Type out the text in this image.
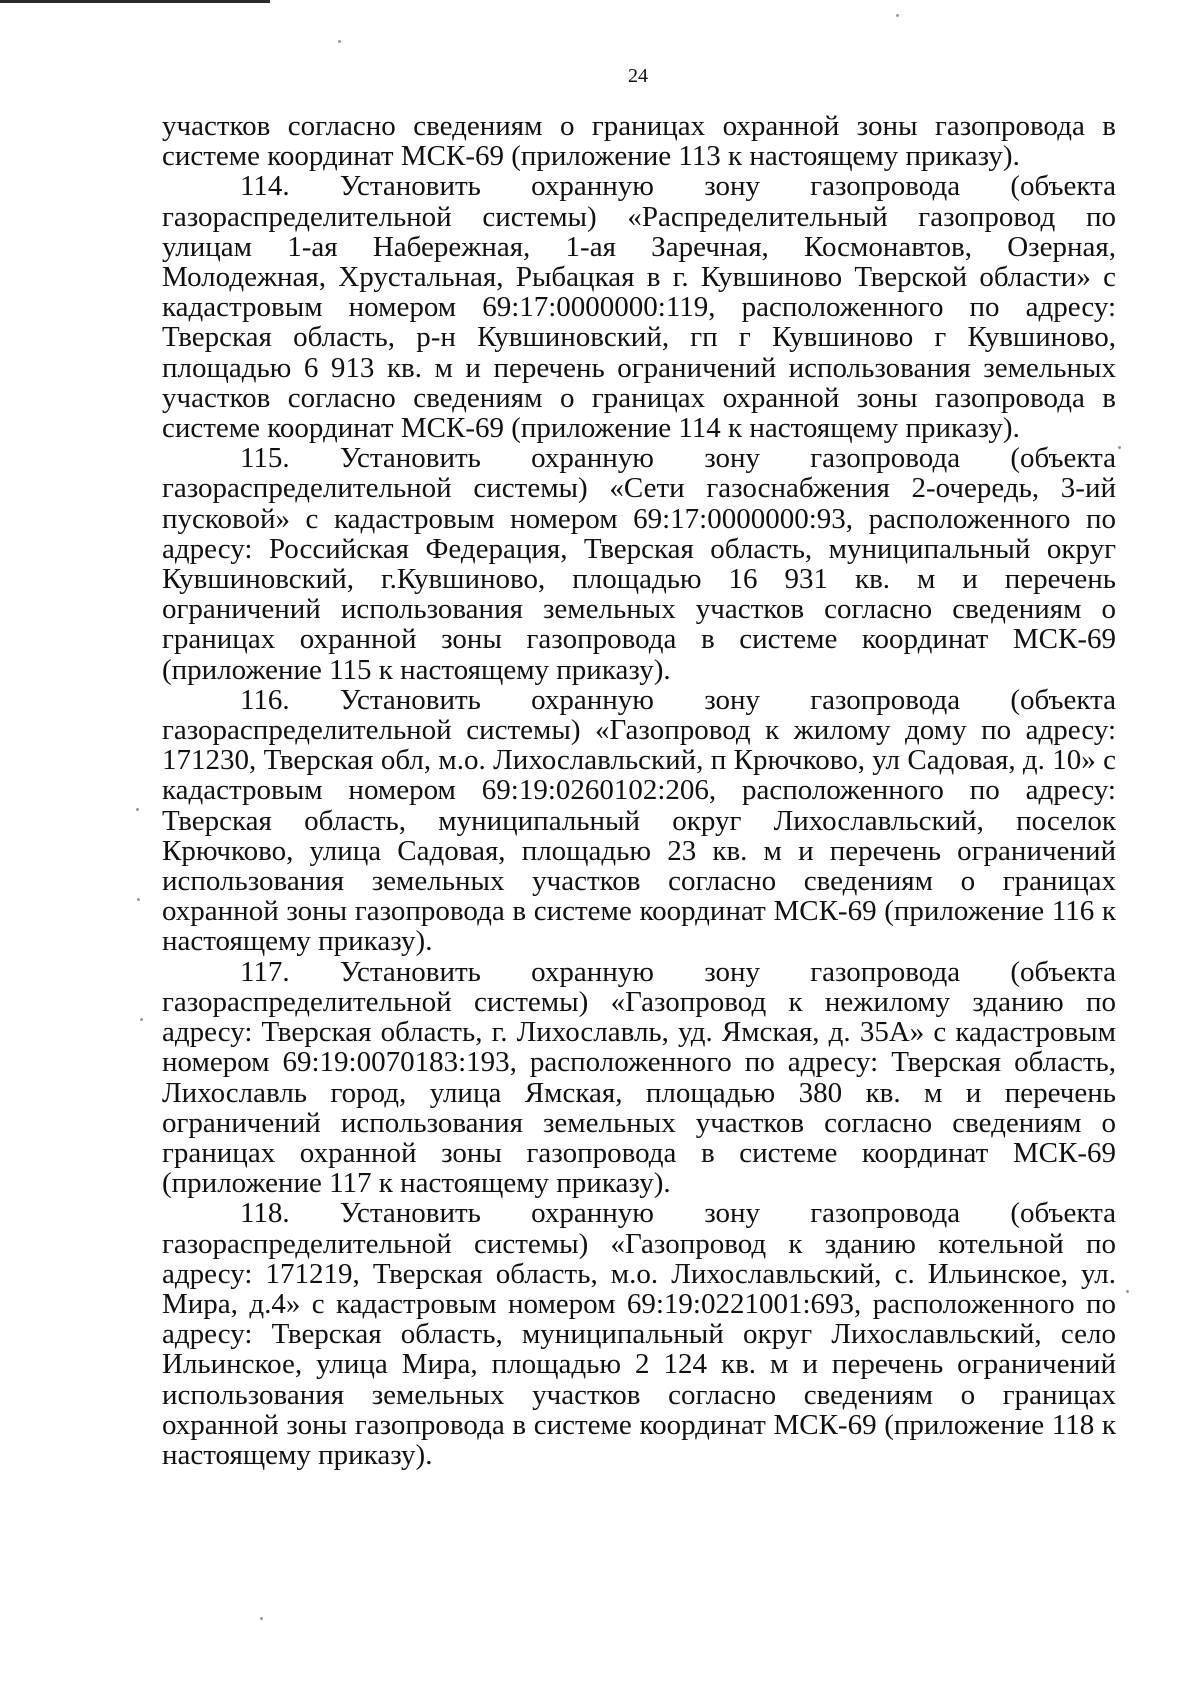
24

участков согласно сведениям о границах охранной зоны газопровода в системе координат МСК-69 (приложение 113 к настоящему приказу).

114. Установить охранную зону газопровода (объекта газораспределительной системы) «Распределительный газопровод по улицам 1-ая Набережная, 1-ая Заречная, Космонавтов, Озерная, Молодежная, Хрустальная, Рыбацкая в г. Кувшиново Тверской области» с кадастровым номером 69:17:0000000:119, расположенного по адресу: Тверская область, р-н Кувшиновский, гп г Кувшиново г Кувшиново, площадью 6 913 кв. м и перечень ограничений использования земельных участков согласно сведениям о границах охранной зоны газопровода в системе координат МСК-69 (приложение 114 к настоящему приказу).

115. Установить охранную зону газопровода (объекта газораспределительной системы) «Сети газоснабжения 2-очередь, 3-ий пусковой» с кадастровым номером 69:17:0000000:93, расположенного по адресу: Российская Федерация, Тверская область, муниципальный округ Кувшиновский, г.Кувшиново, площадью 16 931 кв. м и перечень ограничений использования земельных участков согласно сведениям о границах охранной зоны газопровода в системе координат МСК-69 (приложение 115 к настоящему приказу).

116. Установить охранную зону газопровода (объекта газораспределительной системы) «Газопровод к жилому дому по адресу: 171230, Тверская обл, м.о. Лихославльский, п Крючково, ул Садовая, д. 10» с кадастровым номером 69:19:0260102:206, расположенного по адресу: Тверская область, муниципальный округ Лихославльский, поселок Крючково, улица Садовая, площадью 23 кв. м и перечень ограничений использования земельных участков согласно сведениям о границах охранной зоны газопровода в системе координат МСК-69 (приложение 116 к настоящему приказу).

117. Установить охранную зону газопровода (объекта газораспределительной системы) «Газопровод к нежилому зданию по адресу: Тверская область, г. Лихославль, уд. Ямская, д. 35А» с кадастровым номером 69:19:0070183:193, расположенного по адресу: Тверская область, Лихославль город, улица Ямская, площадью 380 кв. м и перечень ограничений использования земельных участков согласно сведениям о границах охранной зоны газопровода в системе координат МСК-69 (приложение 117 к настоящему приказу).

118. Установить охранную зону газопровода (объекта газораспределительной системы) «Газопровод к зданию котельной по адресу: 171219, Тверская область, м.о. Лихославльский, с. Ильинское, ул. Мира, д.4» с кадастровым номером 69:19:0221001:693, расположенного по адресу: Тверская область, муниципальный округ Лихославльский, село Ильинское, улица Мира, площадью 2 124 кв. м и перечень ограничений использования земельных участков согласно сведениям о границах охранной зоны газопровода в системе координат МСК-69 (приложение 118 к настоящему приказу).
